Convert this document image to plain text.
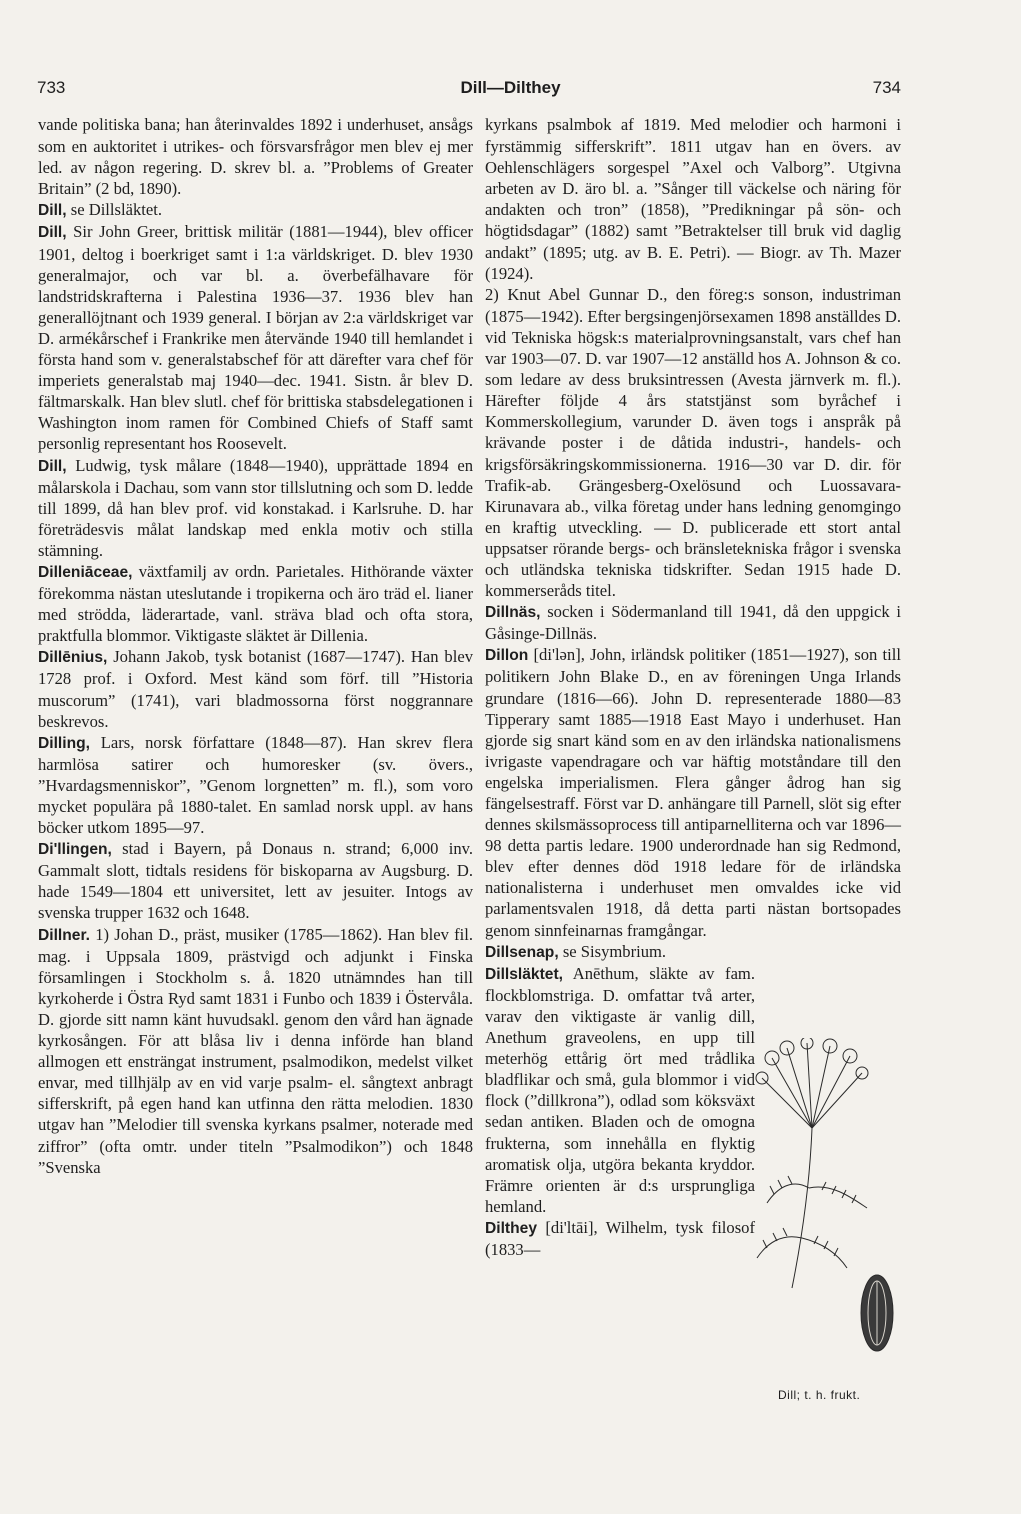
733	Dill—Dilthey	734

vande politiska bana; han återinvaldes 1892 i underhuset, ansågs som en auktoritet i utrikes- och försvarsfrågor men blev ej mer led. av någon regering. D. skrev bl. a. ”Problems of Greater Britain” (2 bd, 1890).

Dill, se Dillsläktet.

Dill, Sir John Greer, brittisk militär (1881—1944), blev officer 1901, deltog i boerkriget samt i 1:a världskriget. D. blev 1930 generalmajor, och var bl. a. överbefälhavare för landstridskrafterna i Palestina 1936—37. 1936 blev han generallöjtnant och 1939 general. I början av 2:a världskriget var D. armékårschef i Frankrike men återvände 1940 till hemlandet i första hand som v. generalstabschef för att därefter vara chef för imperiets generalstab maj 1940—dec. 1941. Sistn. år blev D. fältmarskalk. Han blev slutl. chef för brittiska stabsdelegationen i Washington inom ramen för Combined Chiefs of Staff samt personlig representant hos Roosevelt.

Dill, Ludwig, tysk målare (1848—1940), upprättade 1894 en målarskola i Dachau, som vann stor tillslutning och som D. ledde till 1899, då han blev prof. vid konstakad. i Karlsruhe. D. har företrädesvis målat landskap med enkla motiv och stilla stämning.

Dilleniāceae, växtfamilj av ordn. Parietales. Hithörande växter förekomma nästan uteslutande i tropikerna och äro träd el. lianer med strödda, läderartade, vanl. sträva blad och ofta stora, praktfulla blommor. Viktigaste släktet är Dillenia.

Dillēnius, Johann Jakob, tysk botanist (1687—1747). Han blev 1728 prof. i Oxford. Mest känd som förf. till ”Historia muscorum” (1741), vari bladmossorna först noggrannare beskrevos.

Dilling, Lars, norsk författare (1848—87). Han skrev flera harmlösa satirer och humoresker (sv. övers., ”Hvardagsmenniskor”, ”Genom lorgnetten” m. fl.), som voro mycket populära på 1880-talet. En samlad norsk uppl. av hans böcker utkom 1895—97.

Di'llingen, stad i Bayern, på Donaus n. strand; 6,000 inv. Gammalt slott, tidtals residens för biskoparna av Augsburg. D. hade 1549—1804 ett universitet, lett av jesuiter. Intogs av svenska trupper 1632 och 1648.

Dillner. 1) Johan D., präst, musiker (1785—1862). Han blev fil. mag. i Uppsala 1809, prästvigd och adjunkt i Finska församlingen i Stockholm s. å. 1820 utnämndes han till kyrkoherde i Östra Ryd samt 1831 i Funbo och 1839 i Östervåla. D. gjorde sitt namn känt huvudsakl. genom den vård han ägnade kyrkosången. För att blåsa liv i denna införde han bland allmogen ett ensträngat instrument, psalmodikon, medelst vilket envar, med tillhjälp av en vid varje psalm- el. sångtext anbragt sifferskrift, på egen hand kan utfinna den rätta melodien. 1830 utgav han ”Melodier till svenska kyrkans psalmer, noterade med ziffror” (ofta omtr. under titeln ”Psalmodikon”) och 1848 ”Svenska

kyrkans psalmbok af 1819. Med melodier och harmoni i fyrstämmig sifferskrift”. 1811 utgav han en övers. av Oehlenschlägers sorgespel ”Axel och Valborg”. Utgivna arbeten av D. äro bl. a. ”Sånger till väckelse och näring för andakten och tron” (1858), ”Predikningar på sön- och högtidsdagar” (1882) samt ”Betraktelser till bruk vid daglig andakt” (1895; utg. av B. E. Petri). — Biogr. av Th. Mazer (1924).

2) Knut Abel Gunnar D., den föreg:s sonson, industriman (1875—1942). Efter bergsingenjörsexamen 1898 anställdes D. vid Tekniska högsk:s materialprovningsanstalt, vars chef han var 1903—07. D. var 1907—12 anställd hos A. Johnson & co. som ledare av dess bruksintressen (Avesta järnverk m. fl.). Härefter följde 4 års statstjänst som byråchef i Kommerskollegium, varunder D. även togs i anspråk på krävande poster i de dåtida industri-, handels- och krigsförsäkringskommissionerna. 1916—30 var D. dir. för Trafik-ab. Grängesberg-Oxelösund och Luossavara-Kirunavara ab., vilka företag under hans ledning genomgingo en kraftig utveckling. — D. publicerade ett stort antal uppsatser rörande bergs- och bränsletekniska frågor i svenska och utländska tekniska tidskrifter. Sedan 1915 hade D. kommerseråds titel.

Dillnäs, socken i Södermanland till 1941, då den uppgick i Gåsinge-Dillnäs.

Dillon [di'lən], John, irländsk politiker (1851—1927), son till politikern John Blake D., en av föreningen Unga Irlands grundare (1816—66). John D. representerade 1880—83 Tipperary samt 1885—1918 East Mayo i underhuset. Han gjorde sig snart känd som en av den irländska nationalismens ivrigaste vapendragare och var häftig motståndare till den engelska imperialismen. Flera gånger ådrog han sig fängelsestraff. Först var D. anhängare till Parnell, slöt sig efter dennes skilsmässoprocess till antiparnelliterna och var 1896—98 detta partis ledare. 1900 underordnade han sig Redmond, blev efter dennes död 1918 ledare för de irländska nationalisterna i underhuset men omvaldes icke vid parlamentsvalen 1918, då detta parti nästan bortsopades genom sinnfeinarnas framgångar.

Dillsenap, se Sisymbrium.

Dillsläktet, Anēthum, släkte av fam. flockblomstriga. D. omfattar två arter, varav den viktigaste är vanlig dill, Anethum graveolens, en upp till meterhög ettårig ört med trådlika bladflikar och små, gula blommor i vid flock (”dillkrona”), odlad som köksväxt sedan antiken. Bladen och de omogna frukterna, som innehålla en flyktig aromatisk olja, utgöra bekanta kryddor. Främre orienten är d:s ursprungliga hemland.

Dilthey [di'ltāi], Wilhelm, tysk filosof (1833—

Dill; t. h. frukt.
